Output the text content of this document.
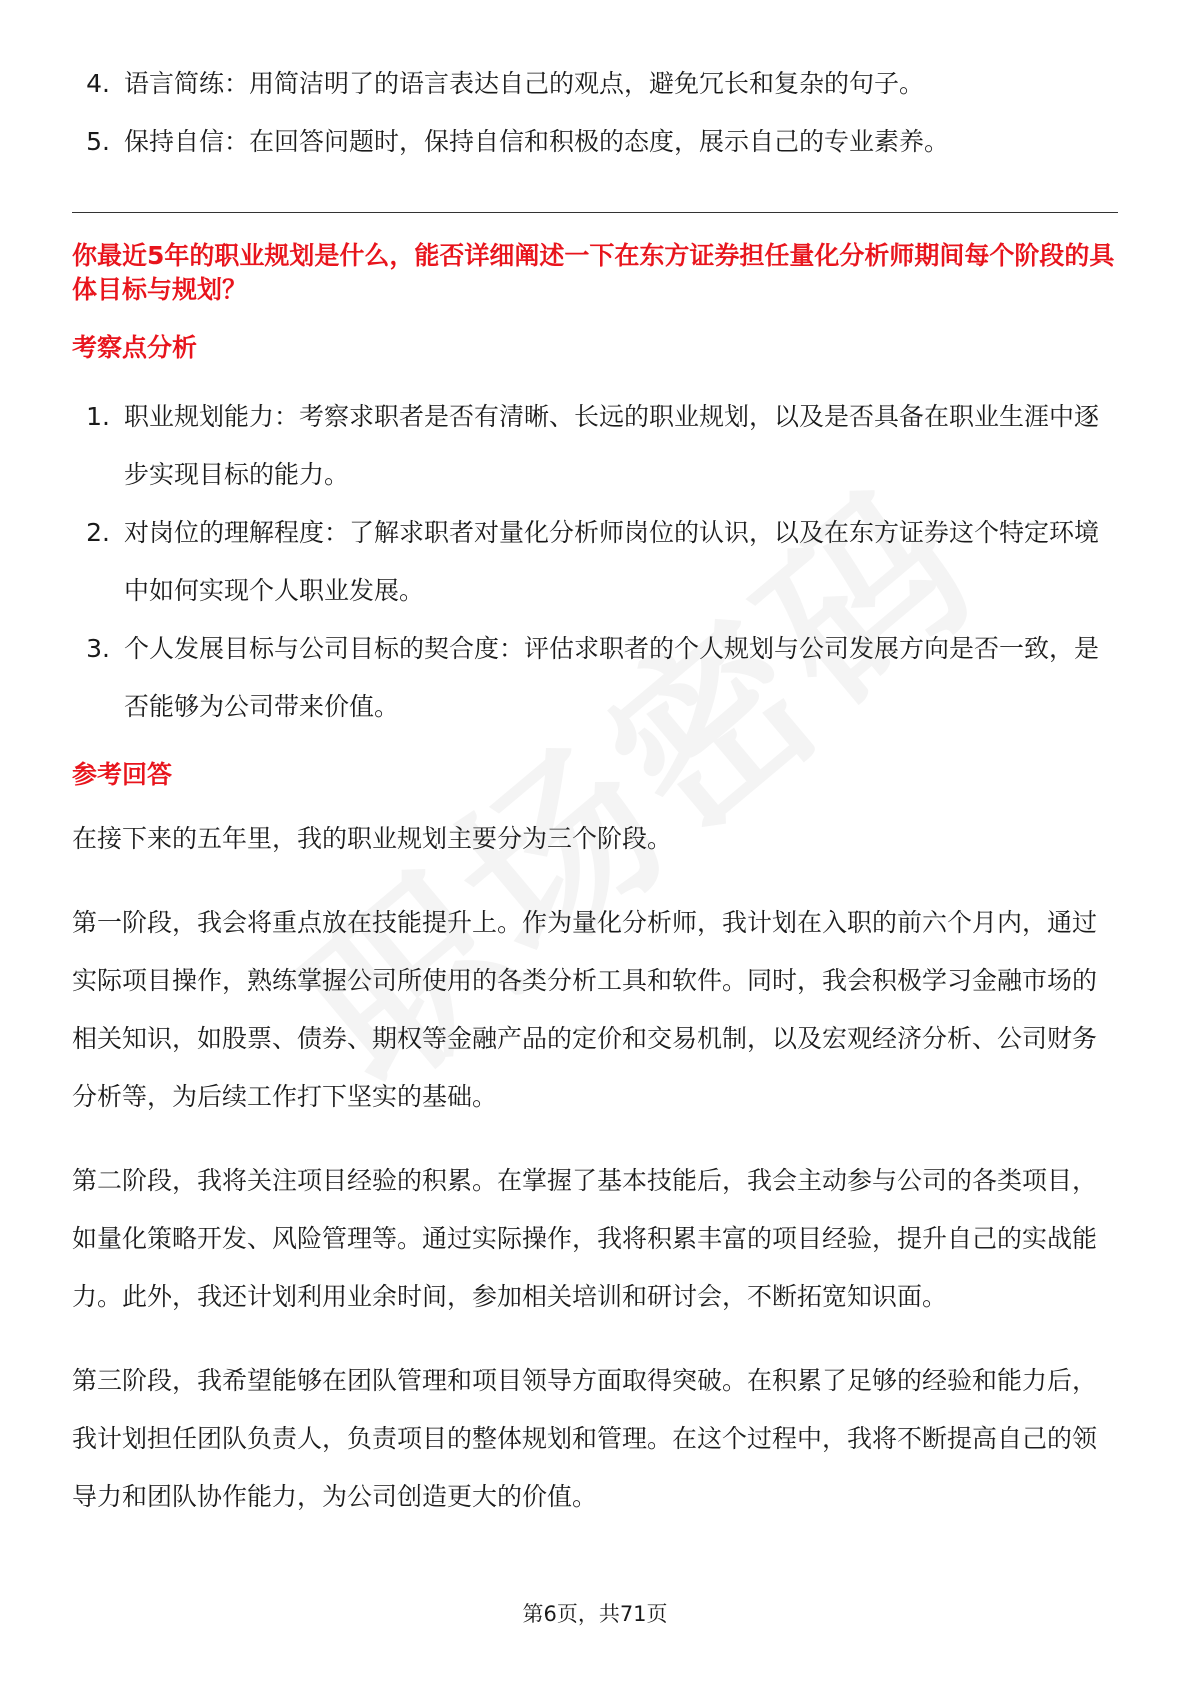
4. 语言简练：用简洁明了的语言表达自己的观点，避免冗长和复杂的句子。
5. 保持自信：在回答问题时，保持自信和积极的态度，展示自己的专业素养。
你最近5年的职业规划是什么，能否详细阐述一下在东方证券担任量化分析师期间每个阶段的具体目标与规划？
考察点分析
1. 职业规划能力：考察求职者是否有清晰、长远的职业规划，以及是否具备在职业生涯中逐步实现目标的能力。
2. 对岗位的理解程度：了解求职者对量化分析师岗位的认识，以及在东方证券这个特定环境中如何实现个人职业发展。
3. 个人发展目标与公司目标的契合度：评估求职者的个人规划与公司发展方向是否一致，是否能够为公司带来价值。
参考回答

在接下来的五年里，我的职业规划主要分为三个阶段。

第一阶段，我会将重点放在技能提升上。作为量化分析师，我计划在入职的前六个月内，通过实际项目操作，熟练掌握公司所使用的各类分析工具和软件。同时，我会积极学习金融市场的相关知识，如股票、债券、期权等金融产品的定价和交易机制，以及宏观经济分析、公司财务分析等，为后续工作打下坚实的基础。

第二阶段，我将关注项目经验的积累。在掌握了基本技能后，我会主动参与公司的各类项目，如量化策略开发、风险管理等。通过实际操作，我将积累丰富的项目经验，提升自己的实战能力。此外，我还计划利用业余时间，参加相关培训和研讨会，不断拓宽知识面。

第三阶段，我希望能够在团队管理和项目领导方面取得突破。在积累了足够的经验和能力后，我计划担任团队负责人，负责项目的整体规划和管理。在这个过程中，我将不断提高自己的领导力和团队协作能力，为公司创造更大的价值。

第6页，共71页
